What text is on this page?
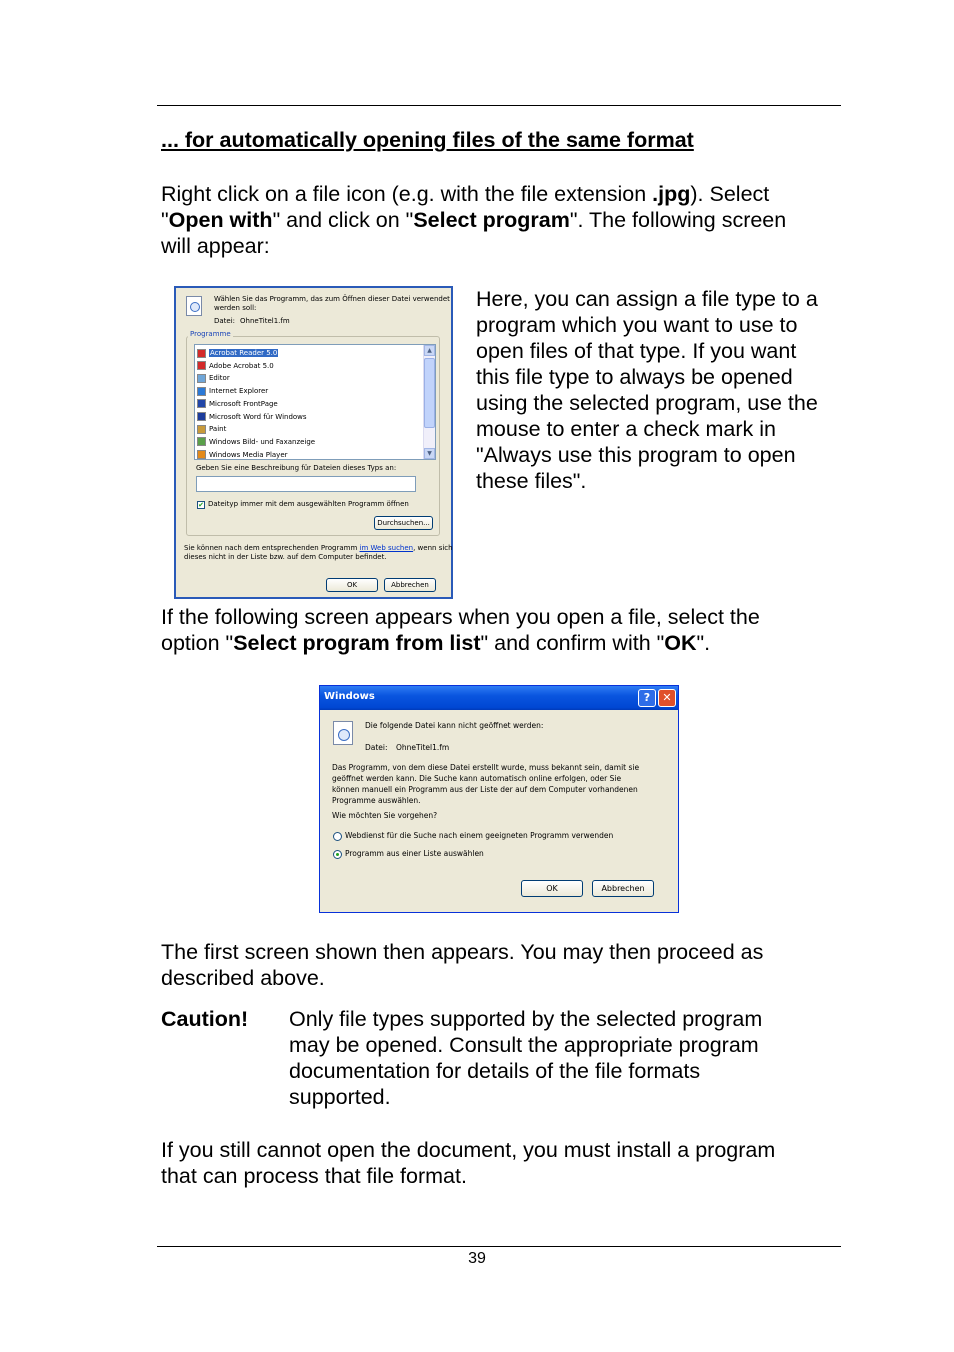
... for automatically opening files of the same format
Right click on a file icon (e.g. with the file extension .jpg). Select
"Open with" and click on "Select program". The following screen
will appear:
Wählen Sie das Programm, das zum Öffnen dieser Datei verwendet
werden soll:
Datei: OhneTitel1.fm
Programme
Acrobat Reader 5.0
Adobe Acrobat 5.0
Editor
Internet Explorer
Microsoft FrontPage
Microsoft Word für Windows
Paint
Windows Bild- und Faxanzeige
Windows Media Player
▲
▼
Geben Sie eine Beschreibung für Dateien dieses Typs an:
✔ Dateityp immer mit dem ausgewählten Programm öffnen
Durchsuchen...
Sie können nach dem entsprechenden Programm im Web suchen, wenn sich
dieses nicht in der Liste bzw. auf dem Computer befindet.
OK	Abbrechen
Here, you can assign a file type to a
program which you want to use to
open files of that type. If you want
this file type to always be opened
using the selected program, use the
mouse to enter a check mark in
"Always use this program to open
these files".
If the following screen appears when you open a file, select the
option "Select program from list" and confirm with "OK".
Windows	?	✕
Die folgende Datei kann nicht geöffnet werden:
Datei: OhneTitel1.fm
Das Programm, von dem diese Datei erstellt wurde, muss bekannt sein, damit sie
geöffnet werden kann. Die Suche kann automatisch online erfolgen, oder Sie
können manuell ein Programm aus der Liste der auf dem Computer vorhandenen
Programme auswählen.
Wie möchten Sie vorgehen?
Webdienst für die Suche nach einem geeigneten Programm verwenden
Programm aus einer Liste auswählen
OK	Abbrechen
The first screen shown then appears. You may then proceed as
described above.
Caution! Only file types supported by the selected program
may be opened. Consult the appropriate program
documentation for details of the file formats
supported.
If you still cannot open the document, you must install a program
that can process that file format.
39
